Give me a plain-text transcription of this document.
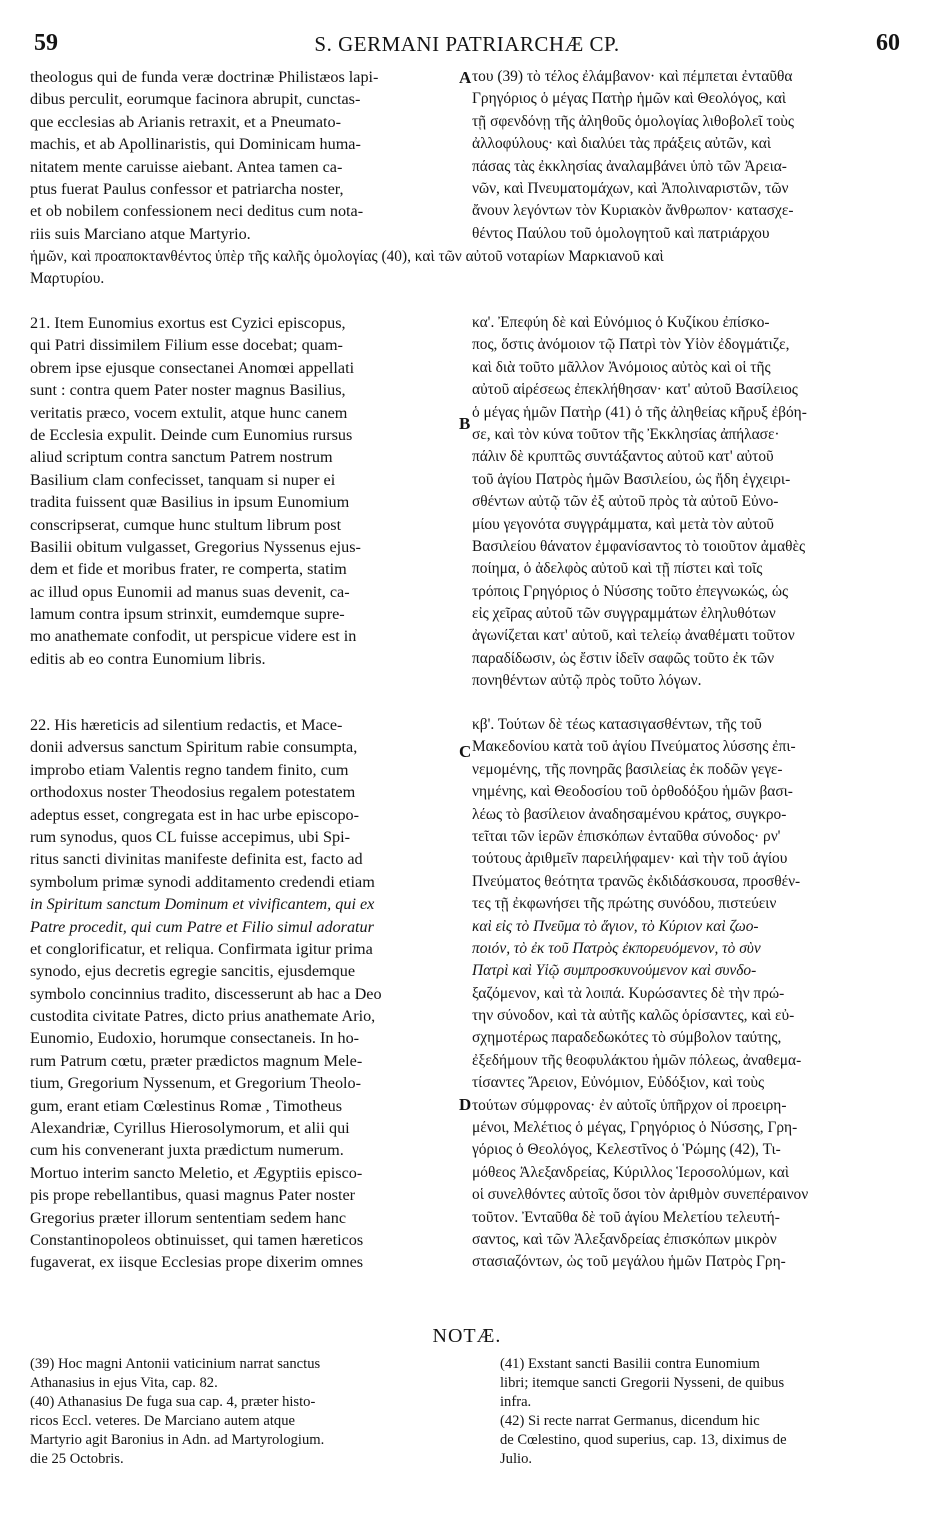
59	S. GERMANI PATRIARCHÆ CP.	60
A
B
C
D
theologus qui de funda veræ doctrinæ Philistæos lapi-
dibus perculit, eorumque facinora abrupit, cunctas-
que ecclesias ab Arianis retraxit, et a Pneumato-
machis, et ab Apollinaristis, qui Dominicam huma-
nitatem mente caruisse aiebant. Antea tamen ca-
ptus fuerat Paulus confessor et patriarcha noster,
et ob nobilem confessionem neci deditus cum nota-
riis suis Marciano atque Martyrio.
του (39) τὸ τέλος ἐλάμβανον· καὶ πέμπεται ἐνταῦθα
Γρηγόριος ὁ μέγας Πατὴρ ἡμῶν καὶ Θεολόγος, καὶ
τῇ σφενδόνῃ τῆς ἀληθοῦς ὁμολογίας λιθοβολεῖ τοὺς
ἀλλοφύλους· καὶ διαλύει τὰς πράξεις αὐτῶν, καὶ
πάσας τὰς ἐκκλησίας ἀναλαμβάνει ὑπὸ τῶν Ἀρεια-
νῶν, καὶ Πνευματομάχων, καὶ Ἀπολιναριστῶν, τῶν
ἄνουν λεγόντων τὸν Κυριακὸν ἄνθρωπον· κατασχε-
θέντος Παύλου τοῦ ὁμολογητοῦ καὶ πατριάρχου
ἡμῶν, καὶ προαποκτανθέντος ὑπὲρ τῆς καλῆς ὁμολογίας (40), καὶ τῶν αὐτοῦ νοταρίων Μαρκιανοῦ καὶ
Μαρτυρίου.
21. Item Eunomius exortus est Cyzici episcopus,
qui Patri dissimilem Filium esse docebat; quam-
obrem ipse ejusque consectanei Anomœi appellati
sunt : contra quem Pater noster magnus Basilius,
veritatis præco, vocem extulit, atque hunc canem
de Ecclesia expulit. Deinde cum Eunomius rursus
aliud scriptum contra sanctum Patrem nostrum
Basilium clam confecisset, tanquam si nuper ei
tradita fuissent quæ Basilius in ipsum Eunomium
conscripserat, cumque hunc stultum librum post
Basilii obitum vulgasset, Gregorius Nyssenus ejus-
dem et fide et moribus frater, re comperta, statim
ac illud opus Eunomii ad manus suas devenit, ca-
lamum contra ipsum strinxit, eumdemque supre-
mo anathemate confodit, ut perspicue videre est in
editis ab eo contra Eunomium libris.
κα'. Ἐπεφύη δὲ καὶ Εὐνόμιος ὁ Κυζίκου ἐπίσκο-
πος, ὅστις ἀνόμοιον τῷ Πατρὶ τὸν Υἱὸν ἐδογμάτιζε,
καὶ διὰ τοῦτο μᾶλλον Ἀνόμοιος αὐτὸς καὶ οἱ τῆς
αὐτοῦ αἱρέσεως ἐπεκλήθησαν· κατ' αὐτοῦ Βασίλειος
ὁ μέγας ἡμῶν Πατὴρ (41) ὁ τῆς ἀληθείας κῆρυξ ἐβόη-
σε, καὶ τὸν κύνα τοῦτον τῆς Ἐκκλησίας ἀπήλασε·
πάλιν δὲ κρυπτῶς συντάξαντος αὐτοῦ κατ' αὐτοῦ
τοῦ ἁγίου Πατρὸς ἡμῶν Βασιλείου, ὡς ἤδη ἐγχειρι-
σθέντων αὐτῷ τῶν ἐξ αὐτοῦ πρὸς τὰ αὐτοῦ Εὐνο-
μίου γεγονότα συγγράμματα, καὶ μετὰ τὸν αὐτοῦ
Βασιλείου θάνατον ἐμφανίσαντος τὸ τοιοῦτον ἀμαθὲς
ποίημα, ὁ ἀδελφὸς αὐτοῦ καὶ τῇ πίστει καὶ τοῖς
τρόποις Γρηγόριος ὁ Νύσσης τοῦτο ἐπεγνωκώς, ὡς
εἰς χεῖρας αὐτοῦ τῶν συγγραμμάτων ἐληλυθότων
ἀγωνίζεται κατ' αὐτοῦ, καὶ τελείῳ ἀναθέματι τοῦτον
παραδίδωσιν, ὡς ἔστιν ἰδεῖν σαφῶς τοῦτο ἐκ τῶν
πονηθέντων αὐτῷ πρὸς τοῦτο λόγων.
22. His hæreticis ad silentium redactis, et Mace-
donii adversus sanctum Spiritum rabie consumpta,
improbo etiam Valentis regno tandem finito, cum
orthodoxus noster Theodosius regalem potestatem
adeptus esset, congregata est in hac urbe episcopo-
rum synodus, quos CL fuisse accepimus, ubi Spi-
ritus sancti divinitas manifeste definita est, facto ad
symbolum primæ synodi additamento credendi etiam
in Spiritum sanctum Dominum et vivificantem, qui ex
Patre procedit, qui cum Patre et Filio simul adoratur
et conglorificatur, et reliqua. Confirmata igitur prima
synodo, ejus decretis egregie sancitis, ejusdemque
symbolo concinnius tradito, discesserunt ab hac a Deo
custodita civitate Patres, dicto prius anathemate Ario,
Eunomio, Eudoxio, horumque consectaneis. In ho-
rum Patrum cœtu, præter prædictos magnum Mele-
tium, Gregorium Nyssenum, et Gregorium Theolo-
gum, erant etiam Cœlestinus Romæ , Timotheus
Alexandriæ, Cyrillus Hierosolymorum, et alii qui
cum his convenerant juxta prædictum numerum.
Mortuo interim sancto Meletio, et Ægyptiis episco-
pis prope rebellantibus, quasi magnus Pater noster
Gregorius præter illorum sententiam sedem hanc
Constantinopoleos obtinuisset, qui tamen hæreticos
fugaverat, ex iisque Ecclesias prope dixerim omnes
κβ'. Τούτων δὲ τέως κατασιγασθέντων, τῆς τοῦ
Μακεδονίου κατὰ τοῦ ἁγίου Πνεύματος λύσσης ἐπι-
νεμομένης, τῆς πονηρᾶς βασιλείας ἐκ ποδῶν γεγε-
νημένης, καὶ Θεοδοσίου τοῦ ὀρθοδόξου ἡμῶν βασι-
λέως τὸ βασίλειον ἀναδησαμένου κράτος, συγκρο-
τεῖται τῶν ἱερῶν ἐπισκόπων ἐνταῦθα σύνοδος· ρν'
τούτους ἀριθμεῖν παρειλήφαμεν· καὶ τὴν τοῦ ἁγίου
Πνεύματος θεότητα τρανῶς ἐκδιδάσκουσα, προσθέν-
τες τῇ ἐκφωνήσει τῆς πρώτης συνόδου, πιστεύειν
καὶ εἰς τὸ Πνεῦμα τὸ ἅγιον, τὸ Κύριον καὶ ζωο-
ποιόν, τὸ ἐκ τοῦ Πατρὸς ἐκπορευόμενον, τὸ σὺν
Πατρὶ καὶ Υἱῷ συμπροσκυνούμενον καὶ συνδο-
ξαζόμενον, καὶ τὰ λοιπά. Κυρώσαντες δὲ τὴν πρώ-
την σύνοδον, καὶ τὰ αὐτῆς καλῶς ὁρίσαντες, καὶ εὐ-
σχημοτέρως παραδεδωκότες τὸ σύμβολον ταύτης,
ἐξεδήμουν τῆς θεοφυλάκτου ἡμῶν πόλεως, ἀναθεμα-
τίσαντες Ἄρειον, Εὐνόμιον, Εὐδόξιον, καὶ τοὺς
τούτων σύμφρονας· ἐν αὐτοῖς ὑπῆρχον οἱ προειρη-
μένοι, Μελέτιος ὁ μέγας, Γρηγόριος ὁ Νύσσης, Γρη-
γόριος ὁ Θεολόγος, Κελεστῖνος ὁ Ῥώμης (42), Τι-
μόθεος Ἀλεξανδρείας, Κύριλλος Ἱεροσολύμων, καὶ
οἱ συνελθόντες αὐτοῖς ὅσοι τὸν ἀριθμὸν συνεπέραινον
τοῦτον. Ἐνταῦθα δὲ τοῦ ἁγίου Μελετίου τελευτή-
σαντος, καὶ τῶν Ἀλεξανδρείας ἐπισκόπων μικρὸν
στασιαζόντων, ὡς τοῦ μεγάλου ἡμῶν Πατρὸς Γρη-
NOTÆ.
(39) Hoc magni Antonii vaticinium narrat sanctus
Athanasius in ejus Vita, cap. 82.
(40) Athanasius De fuga sua cap. 4, præter histo-
ricos Eccl. veteres. De Marciano autem atque
Martyrio agit Baronius in Adn. ad Martyrologium.
die 25 Octobris.
(41) Exstant sancti Basilii contra Eunomium
libri; itemque sancti Gregorii Nysseni, de quibus
infra.
(42) Si recte narrat Germanus, dicendum hic
de Cœlestino, quod superius, cap. 13, diximus de
Julio.
